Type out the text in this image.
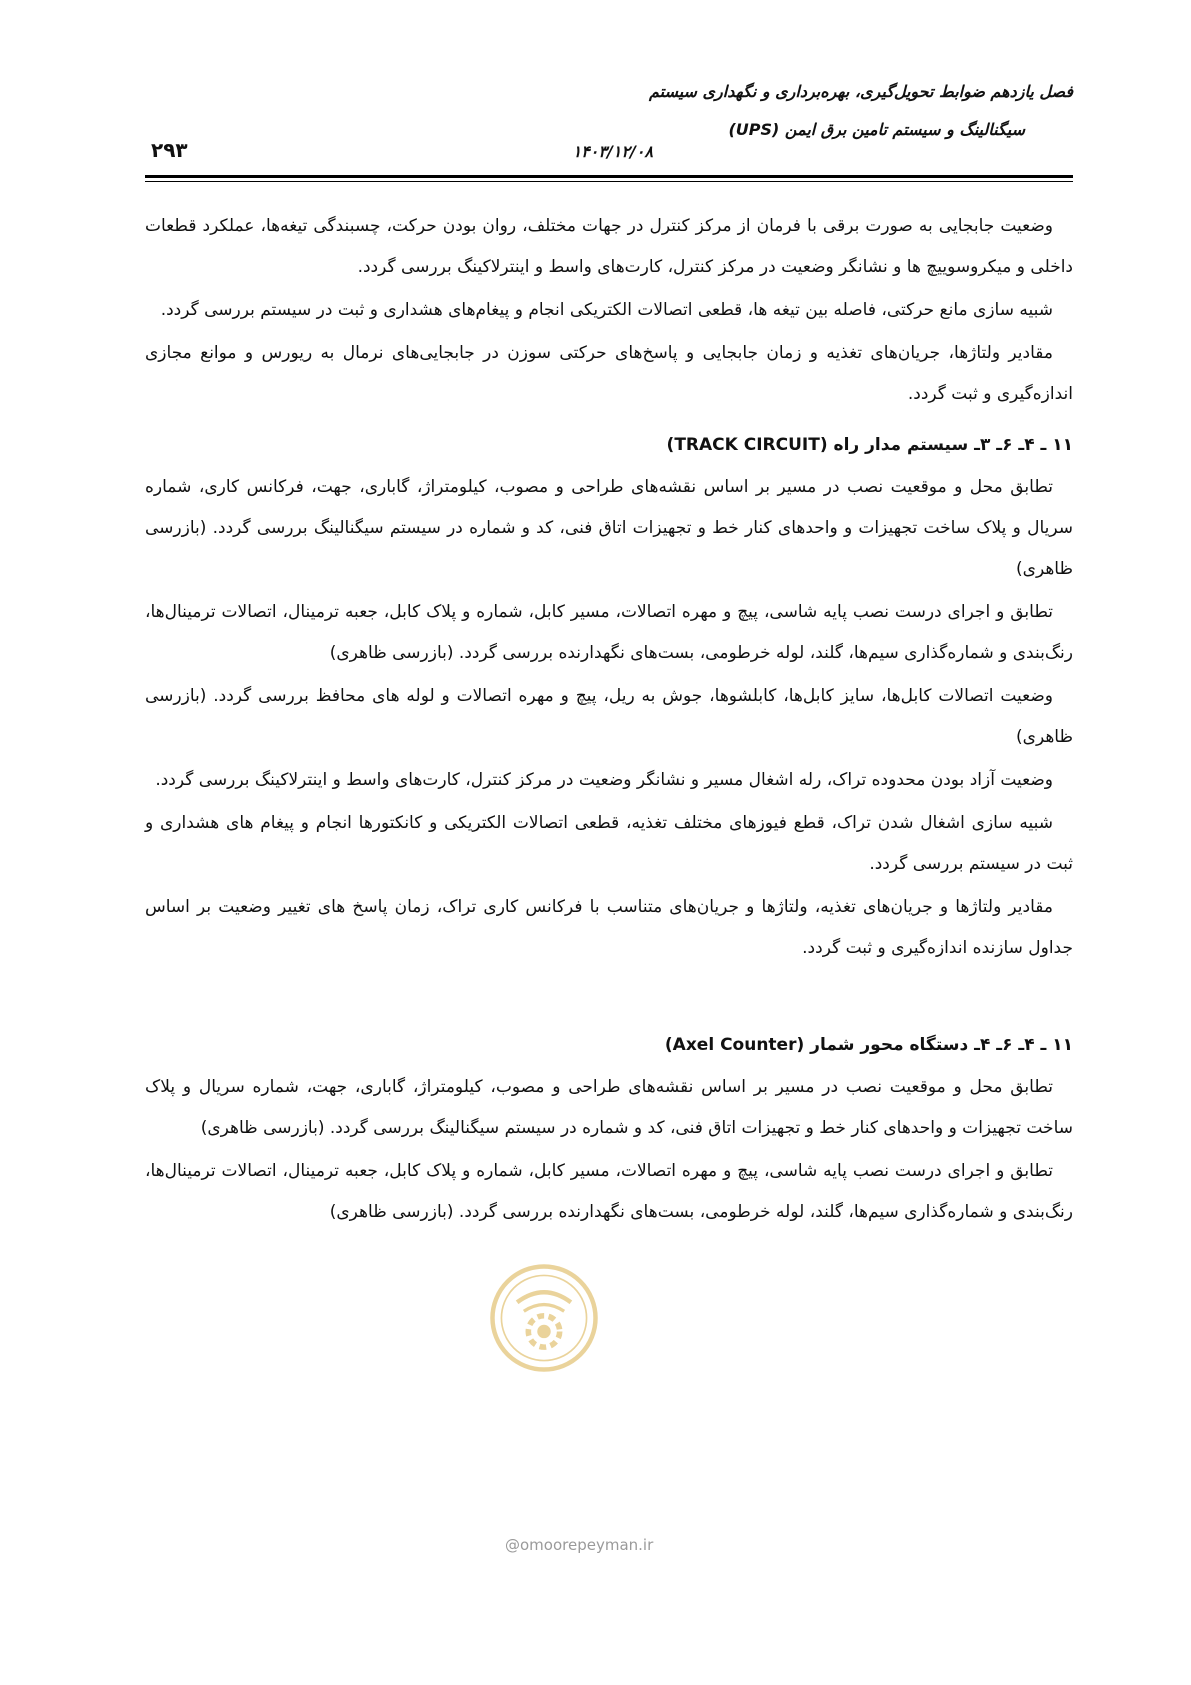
فصل یازدهم ضوابط تحویل‌گیری، بهره‌برداری و نگهداری سیستم
سیگنالینگ و سیستم تامین برق ایمن (UPS)
۱۴۰۳/۱۲/۰۸
۲۹۳

وضعیت جابجایی به صورت برقی با فرمان از مرکز کنترل در جهات مختلف، روان بودن حرکت، چسبندگی تیغه‌ها، عملکرد قطعات داخلی و میکروسوییچ ها و نشانگر وضعیت در مرکز کنترل، کارت‌های واسط و اینترلاکینگ بررسی گردد.

شبیه سازی مانع حرکتی، فاصله بین تیغه ها، قطعی اتصالات الکتریکی انجام و پیغام‌های هشداری و ثبت در سیستم بررسی گردد.

مقادیر ولتاژها، جریان‌های تغذیه و زمان جابجایی و پاسخ‌های حرکتی سوزن در جابجایی‌های نرمال به ریورس و موانع مجازی اندازه‌گیری و ثبت گردد.

۱۱ ـ ۴ـ ۶ـ ۳ـ سیستم مدار راه (TRACK CIRCUIT)

تطابق محل و موقعیت نصب در مسیر بر اساس نقشه‌های طراحی و مصوب، کیلومتراژ، گاباری، جهت، فرکانس کاری، شماره سریال و پلاک ساخت تجهیزات و واحدهای کنار خط و تجهیزات اتاق فنی، کد و شماره در سیستم سیگنالینگ بررسی گردد. (بازرسی ظاهری)

تطابق و اجرای درست نصب پایه شاسی، پیچ و مهره اتصالات، مسیر کابل، شماره و پلاک کابل، جعبه ترمینال، اتصالات ترمینال‌ها، رنگ‌بندی و شماره‌گذاری سیم‌ها، گلند، لوله خرطومی، بست‌های نگهدارنده بررسی گردد. (بازرسی ظاهری)

وضعیت اتصالات کابل‌ها، سایز کابل‌ها، کابلشوها، جوش به ریل، پیچ و مهره اتصالات و لوله های محافظ بررسی گردد. (بازرسی ظاهری)

وضعیت آزاد بودن محدوده تراک، رله اشغال مسیر و نشانگر وضعیت در مرکز کنترل، کارت‌های واسط و اینترلاکینگ بررسی گردد.

شبیه سازی اشغال شدن تراک، قطع فیوزهای مختلف تغذیه، قطعی اتصالات الکتریکی و کانکتورها انجام و پیغام های هشداری و ثبت در سیستم بررسی گردد.

مقادیر ولتاژها و جریان‌های تغذیه، ولتاژها و جریان‌های متناسب با فرکانس کاری تراک، زمان پاسخ های تغییر وضعیت بر اساس جداول سازنده اندازه‌گیری و ثبت گردد.

۱۱ ـ ۴ـ ۶ـ ۴ـ دستگاه محور شمار (Axel Counter)

تطابق محل و موقعیت نصب در مسیر بر اساس نقشه‌های طراحی و مصوب، کیلومتراژ، گاباری، جهت، شماره سریال و پلاک ساخت تجهیزات و واحدهای کنار خط و تجهیزات اتاق فنی، کد و شماره در سیستم سیگنالینگ بررسی گردد. (بازرسی ظاهری)

تطابق و اجرای درست نصب پایه شاسی، پیچ و مهره اتصالات، مسیر کابل، شماره و پلاک کابل، جعبه ترمینال، اتصالات ترمینال‌ها، رنگ‌بندی و شماره‌گذاری سیم‌ها، گلند، لوله خرطومی، بست‌های نگهدارنده بررسی گردد. (بازرسی ظاهری)

@omoorepeyman.ir
